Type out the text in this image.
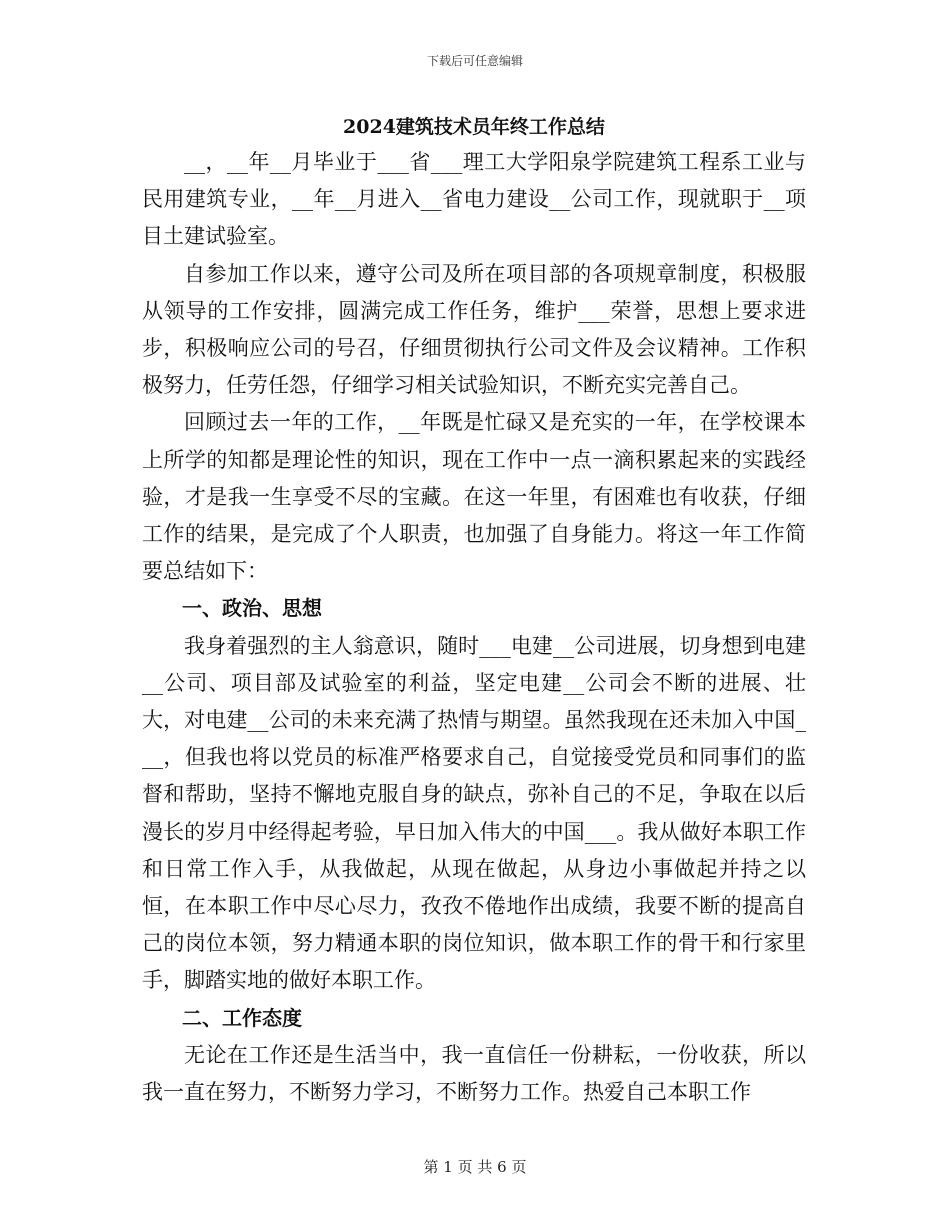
下载后可任意编辑
2024建筑技术员年终工作总结

__，__年__月毕业于___省___理工大学阳泉学院建筑工程系工业与民用建筑专业，__年__月进入__省电力建设__公司工作，现就职于__项目土建试验室。

自参加工作以来，遵守公司及所在项目部的各项规章制度，积极服从领导的工作安排，圆满完成工作任务，维护___荣誉，思想上要求进步，积极响应公司的号召，仔细贯彻执行公司文件及会议精神。工作积极努力，任劳任怨，仔细学习相关试验知识，不断充实完善自己。

回顾过去一年的工作，__年既是忙碌又是充实的一年，在学校课本上所学的知都是理论性的知识，现在工作中一点一滴积累起来的实践经验，才是我一生享受不尽的宝藏。在这一年里，有困难也有收获，仔细工作的结果，是完成了个人职责，也加强了自身能力。将这一年工作简要总结如下：

一、政治、思想

我身着强烈的主人翁意识，随时___电建__公司进展，切身想到电建__公司、项目部及试验室的利益，坚定电建__公司会不断的进展、壮大，对电建__公司的未来充满了热情与期望。虽然我现在还未加入中国___，但我也将以党员的标准严格要求自己，自觉接受党员和同事们的监督和帮助，坚持不懈地克服自身的缺点，弥补自己的不足，争取在以后漫长的岁月中经得起考验，早日加入伟大的中国___。我从做好本职工作和日常工作入手，从我做起，从现在做起，从身边小事做起并持之以恒，在本职工作中尽心尽力，孜孜不倦地作出成绩，我要不断的提高自己的岗位本领，努力精通本职的岗位知识，做本职工作的骨干和行家里手，脚踏实地的做好本职工作。

二、工作态度

无论在工作还是生活当中，我一直信任一份耕耘，一份收获，所以我一直在努力，不断努力学习，不断努力工作。热爱自己本职工作

第 1 页 共 6 页
